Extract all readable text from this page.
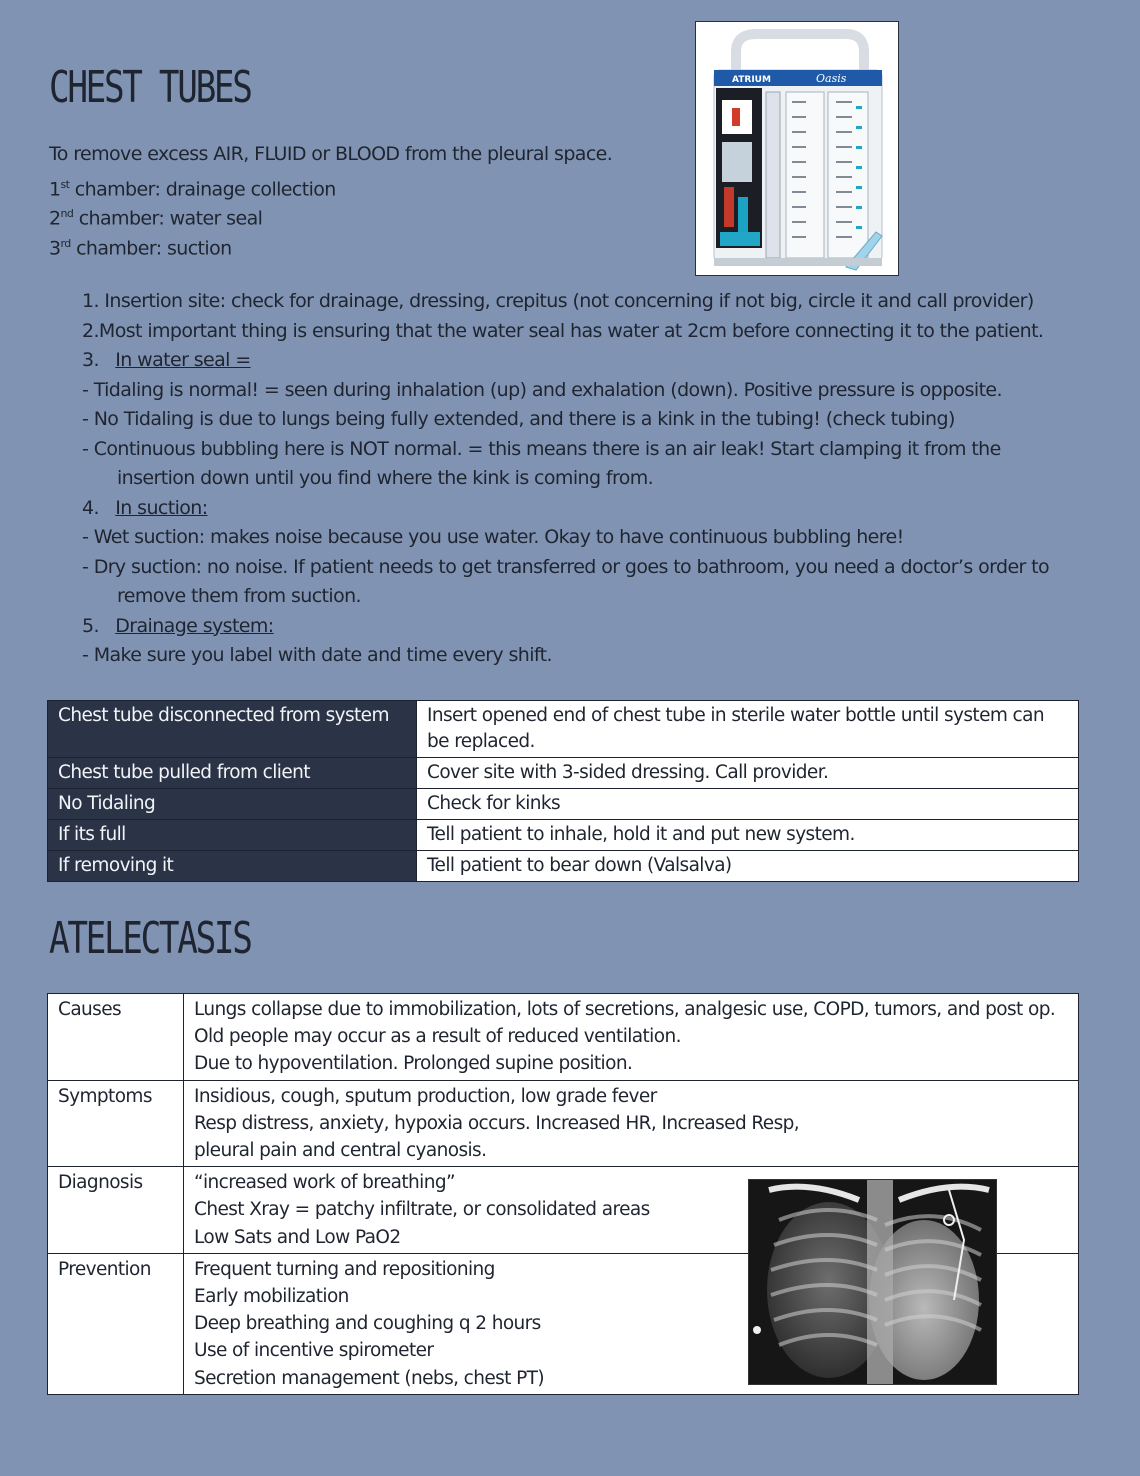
CHEST TUBES
To remove excess AIR, FLUID or BLOOD from the pleural space.
1st chamber: drainage collection
2nd chamber: water seal
3rd chamber: suction
ATRIUM	Oasis
1. Insertion site: check for drainage, dressing, crepitus (not concerning if not big, circle it and call provider)
2.Most important thing is ensuring that the water seal has water at 2cm before connecting it to the patient.
3. In water seal =
- Tidaling is normal! = seen during inhalation (up) and exhalation (down). Positive pressure is opposite.
- No Tidaling is due to lungs being fully extended, and there is a kink in the tubing! (check tubing)
- Continuous bubbling here is NOT normal. = this means there is an air leak! Start clamping it from the
insertion down until you find where the kink is coming from.
4. In suction:
- Wet suction: makes noise because you use water. Okay to have continuous bubbling here!
- Dry suction: no noise. If patient needs to get transferred or goes to bathroom, you need a doctor’s order to
remove them from suction.
5. Drainage system:
- Make sure you label with date and time every shift.
Chest tube disconnected from system	Insert opened end of chest tube in sterile water bottle until system can be replaced.
Chest tube pulled from client	Cover site with 3-sided dressing. Call provider.
No Tidaling	Check for kinks
If its full	Tell patient to inhale, hold it and put new system.
If removing it	Tell patient to bear down (Valsalva)
ATELECTASIS
Causes	Lungs collapse due to immobilization, lots of secretions, analgesic use, COPD, tumors, and post op.
Old people may occur as a result of reduced ventilation.
Due to hypoventilation. Prolonged supine position.

Symptoms	Insidious, cough, sputum production, low grade fever
Resp distress, anxiety, hypoxia occurs. Increased HR, Increased Resp,
pleural pain and central cyanosis.

Diagnosis	“increased work of breathing”
Chest Xray = patchy infiltrate, or consolidated areas
Low Sats and Low PaO2

Prevention	Frequent turning and repositioning
Early mobilization
Deep breathing and coughing q 2 hours
Use of incentive spirometer
Secretion management (nebs, chest PT)
